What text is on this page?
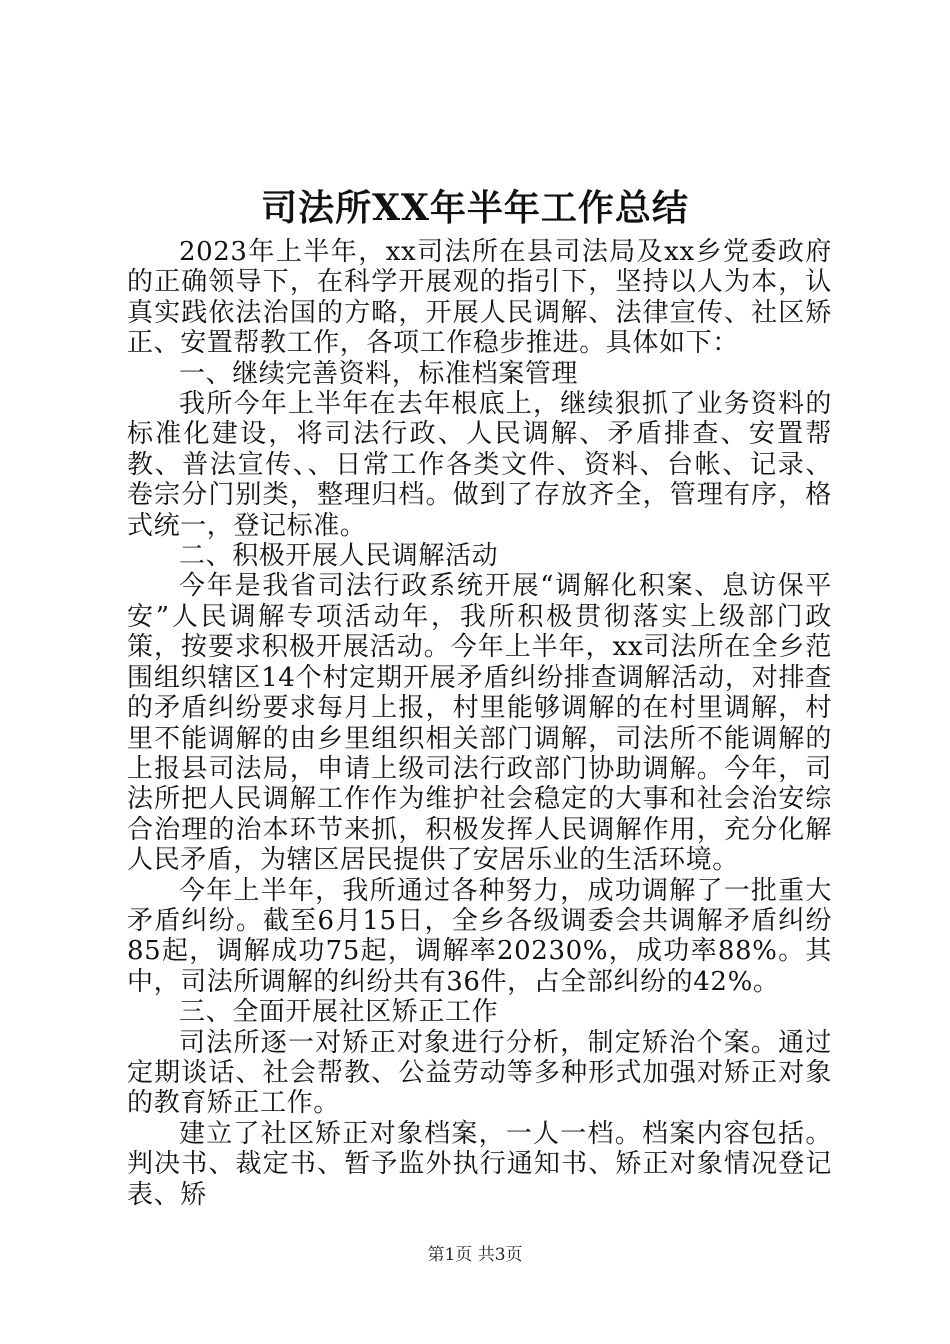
司法所XX年半年工作总结

2023年上半年，xx司法所在县司法局及xx乡党委政府的正确领导下，在科学开展观的指引下，坚持以人为本，认真实践依法治国的方略，开展人民调解、法律宣传、社区矫正、安置帮教工作，各项工作稳步推进。具体如下：

一、继续完善资料，标准档案管理

我所今年上半年在去年根底上，继续狠抓了业务资料的标准化建设，将司法行政、人民调解、矛盾排查、安置帮教、普法宣传、、日常工作各类文件、资料、台帐、记录、卷宗分门别类，整理归档。做到了存放齐全，管理有序，格式统一，登记标准。

二、积极开展人民调解活动

今年是我省司法行政系统开展“调解化积案、息访保平安”人民调解专项活动年，我所积极贯彻落实上级部门政策，按要求积极开展活动。今年上半年，xx司法所在全乡范围组织辖区14个村定期开展矛盾纠纷排查调解活动，对排查的矛盾纠纷要求每月上报，村里能够调解的在村里调解，村里不能调解的由乡里组织相关部门调解，司法所不能调解的上报县司法局，申请上级司法行政部门协助调解。今年，司法所把人民调解工作作为维护社会稳定的大事和社会治安综合治理的治本环节来抓，积极发挥人民调解作用，充分化解人民矛盾，为辖区居民提供了安居乐业的生活环境。

今年上半年，我所通过各种努力，成功调解了一批重大矛盾纠纷。截至6月15日，全乡各级调委会共调解矛盾纠纷85起，调解成功75起，调解率20230%，成功率88%。其中，司法所调解的纠纷共有36件，占全部纠纷的42%。

三、全面开展社区矫正工作

司法所逐一对矫正对象进行分析，制定矫治个案。通过定期谈话、社会帮教、公益劳动等多种形式加强对矫正对象的教育矫正工作。

建立了社区矫正对象档案，一人一档。档案内容包括。判决书、裁定书、暂予监外执行通知书、矫正对象情况登记表、矫

第1页 共3页
